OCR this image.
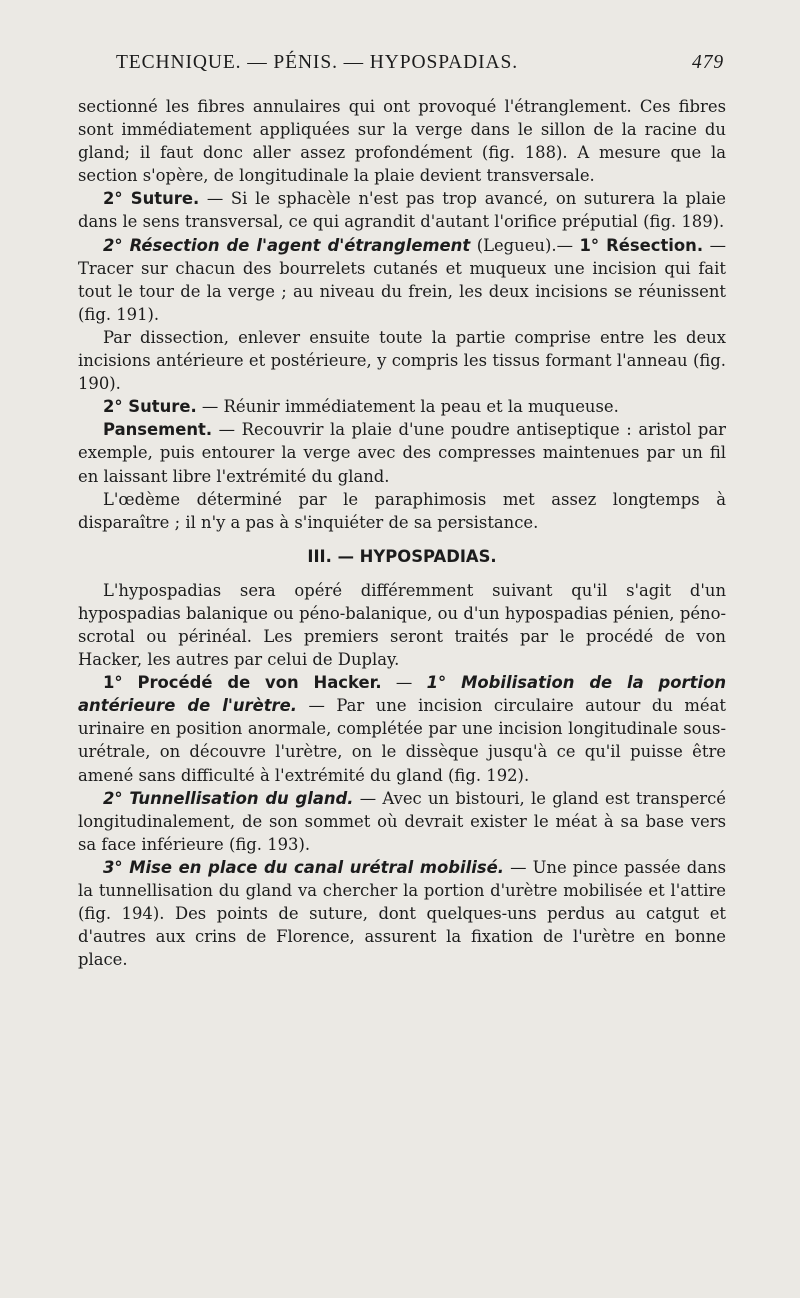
TECHNIQUE. — PÉNIS. — HYPOSPADIAS.	479

sectionné les fibres annulaires qui ont provoqué l'étranglement. Ces fibres sont immédiatement appliquées sur la verge dans le sillon de la racine du gland; il faut donc aller assez profondément (fig. 188). A mesure que la section s'opère, de longitudinale la plaie devient transversale.

2° Suture. — Si le sphacèle n'est pas trop avancé, on suturera la plaie dans le sens transversal, ce qui agrandit d'autant l'orifice préputial (fig. 189).

2° Résection de l'agent d'étranglement (Legueu).— 1° Résection. — Tracer sur chacun des bourrelets cutanés et muqueux une incision qui fait tout le tour de la verge ; au niveau du frein, les deux incisions se réunissent (fig. 191).

Par dissection, enlever ensuite toute la partie comprise entre les deux incisions antérieure et postérieure, y compris les tissus formant l'anneau (fig. 190).

2° Suture. — Réunir immédiatement la peau et la muqueuse.

Pansement. — Recouvrir la plaie d'une poudre antiseptique : aristol par exemple, puis entourer la verge avec des compresses maintenues par un fil en laissant libre l'extrémité du gland.

L'œdème déterminé par le paraphimosis met assez longtemps à disparaître ; il n'y a pas à s'inquiéter de sa persistance.

III. — HYPOSPADIAS.

L'hypospadias sera opéré différemment suivant qu'il s'agit d'un hypospadias balanique ou péno-balanique, ou d'un hypospadias pénien, péno-scrotal ou périnéal. Les premiers seront traités par le procédé de von Hacker, les autres par celui de Duplay.

1° Procédé de von Hacker. — 1° Mobilisation de la portion antérieure de l'urètre. — Par une incision circulaire autour du méat urinaire en position anormale, complétée par une incision longitudinale sous-urétrale, on découvre l'urètre, on le dissèque jusqu'à ce qu'il puisse être amené sans difficulté à l'extrémité du gland (fig. 192).

2° Tunnellisation du gland. — Avec un bistouri, le gland est transpercé longitudinalement, de son sommet où devrait exister le méat à sa base vers sa face inférieure (fig. 193).

3° Mise en place du canal urétral mobilisé. — Une pince passée dans la tunnellisation du gland va chercher la portion d'urètre mobilisée et l'attire (fig. 194). Des points de suture, dont quelques-uns perdus au catgut et d'autres aux crins de Florence, assurent la fixation de l'urètre en bonne place.
